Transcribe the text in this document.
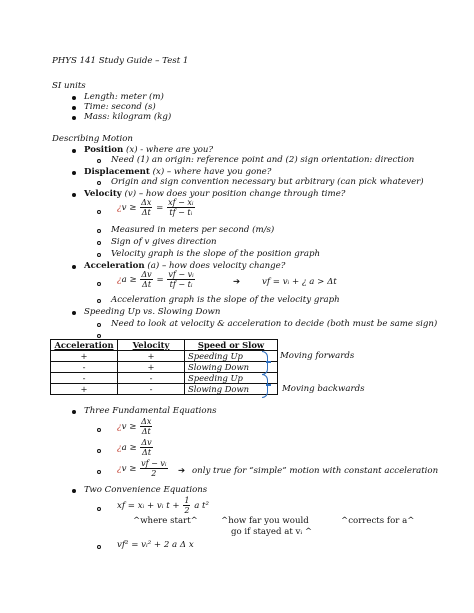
PHYS 141 Study Guide – Test 1
SI units
Length: meter (m)
Time: second (s)
Mass: kilogram (kg)
Describing Motion
Position (x) - where are you?
Need (1) an origin: reference point and (2) sign orientation: direction
Displacement (x) – where have you gone?
Origin and sign convention necessary but arbitrary (can pick whatever)
Velocity (v) – how does your position change through time?
¿$v \ge \frac{\Delta x}{\Delta t} = \frac{\text{xf − xᵢ}}{\text{tf − tᵢ}}$
Measured in meters per second (m/s)
Sign of v gives direction
Velocity graph is the slope of the position graph
Acceleration (a) – how does velocity change?
¿$a \ge \frac{\Delta v}{\Delta t} = \frac{\text{vf − vᵢ}}{\text{tf − tᵢ}}$	➔	vf = vᵢ + ¿ a > Δt
Acceleration graph is the slope of the velocity graph
Speeding Up vs. Slowing Down
Need to look at velocity & acceleration to decide (both must be same sign)
Acceleration	Velocity	Speed or Slow
+	+	Speeding Up
-	+	Slowing Down
-	-	Speeding Up
+	-	Slowing Down
Moving forwards
Moving backwards
Three Fundamental Equations
¿$v \ge \frac{\Delta x}{\Delta t}$
¿$a \ge \frac{\Delta v}{\Delta t}$
¿$v \ge \frac{\text{vf − vᵢ}}{2}$ ➔ only true for “simple” motion with constant acceleration
Two Convenience Equations
xf = xᵢ + vᵢ $t + \frac{1}{2}$ a t²
^where start^	^how far you would	^corrects for a^
go if stayed at vᵢ ^
vf² = vᵢ² + 2 a Δ x
